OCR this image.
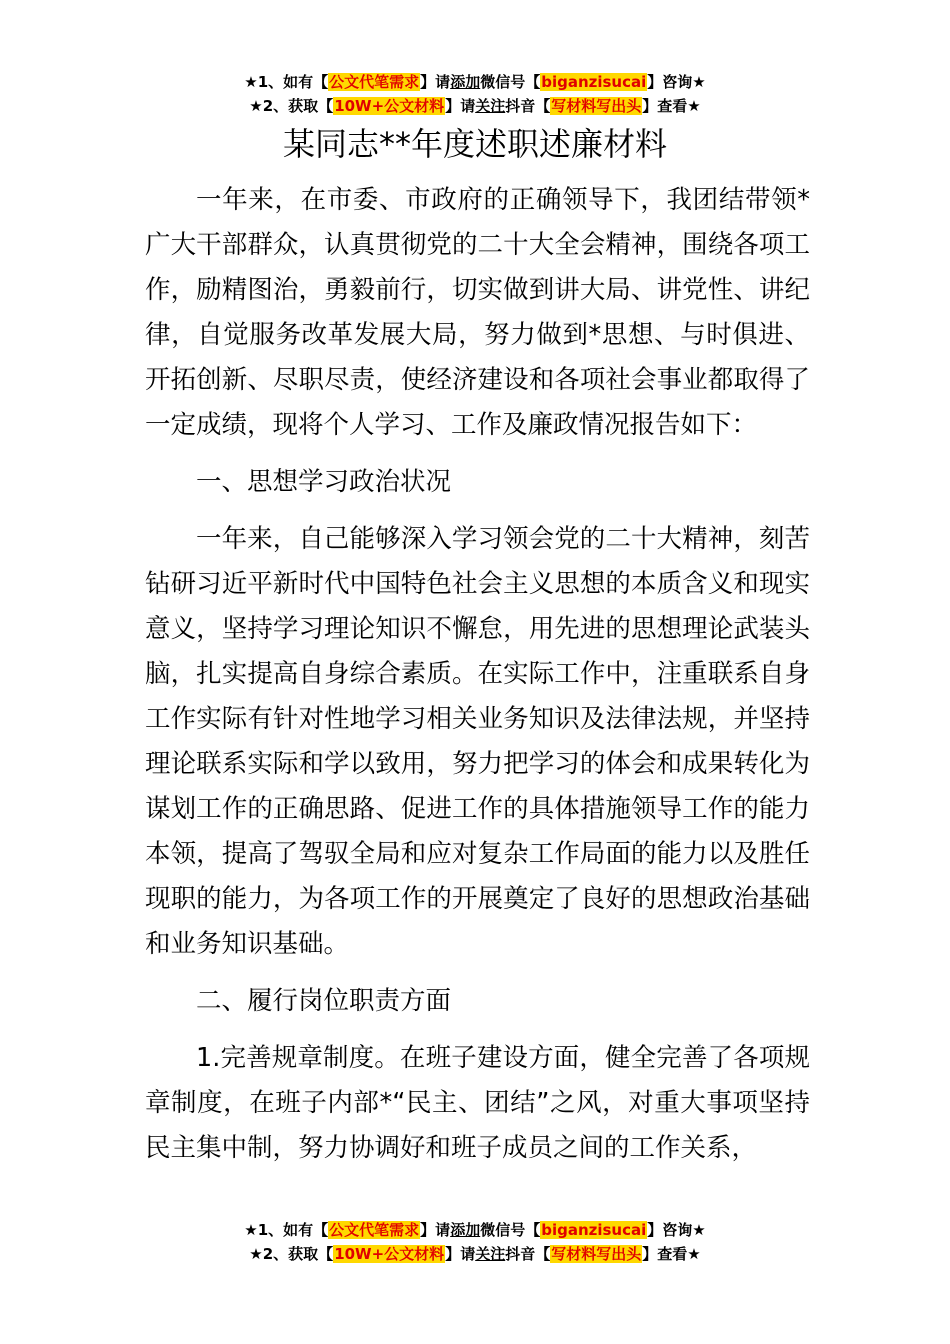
★1、如有【公文代笔需求】请添加微信号【biganzisucai】咨询★
★2、获取【10W+公文材料】请关注抖音【写材料写出头】查看★
某同志**年度述职述廉材料

一年来，在市委、市政府的正确领导下，我团结带领*广大干部群众，认真贯彻党的二十大全会精神，围绕各项工作，励精图治，勇毅前行，切实做到讲大局、讲党性、讲纪律，自觉服务改革发展大局，努力做到*思想、与时俱进、开拓创新、尽职尽责，使经济建设和各项社会事业都取得了一定成绩，现将个人学习、工作及廉政情况报告如下：

一、思想学习政治状况

一年来，自己能够深入学习领会党的二十大精神，刻苦钻研习近平新时代中国特色社会主义思想的本质含义和现实意义，坚持学习理论知识不懈怠，用先进的思想理论武装头脑，扎实提高自身综合素质。在实际工作中，注重联系自身工作实际有针对性地学习相关业务知识及法律法规，并坚持理论联系实际和学以致用，努力把学习的体会和成果转化为谋划工作的正确思路、促进工作的具体措施领导工作的能力本领，提高了驾驭全局和应对复杂工作局面的能力以及胜任现职的能力，为各项工作的开展奠定了良好的思想政治基础和业务知识基础。

二、履行岗位职责方面

1.完善规章制度。在班子建设方面，健全完善了各项规章制度，在班子内部*“民主、团结”之风，对重大事项坚持民主集中制，努力协调好和班子成员之间的工作关系，

★1、如有【公文代笔需求】请添加微信号【biganzisucai】咨询★
★2、获取【10W+公文材料】请关注抖音【写材料写出头】查看★
